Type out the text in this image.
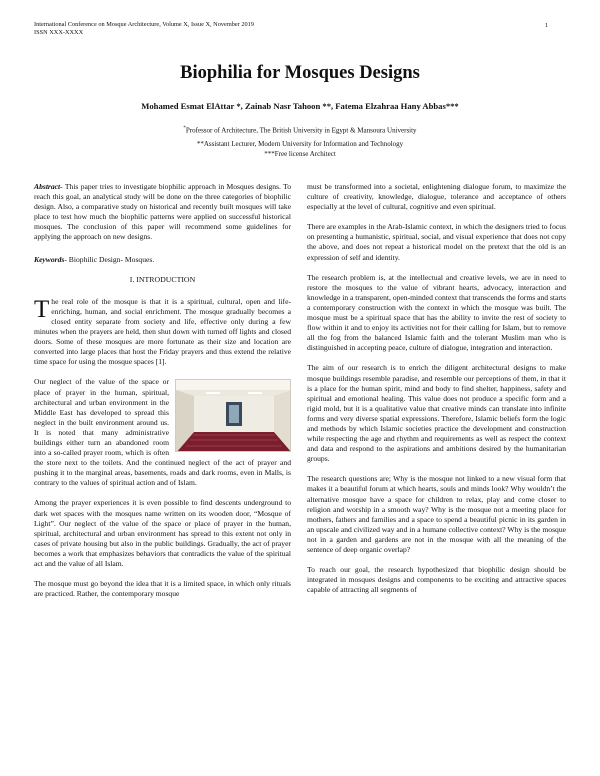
International Conference on Mosque Architecture, Volume X, Issue X, November 2019
ISSN XXX-XXXX
1
Biophilia for Mosques Designs
Mohamed Esmat ElAttar *, Zainab Nasr Tahoon **, Fatema Elzahraa Hany Abbas***
*Professor of Architecture, The British University in Egypt & Mansoura University
**Assistant Lecturer, Modern University for Information and Technology
***Free license Architect

Abstract- This paper tries to investigate biophilic approach in Mosques designs. To reach this goal, an analytical study will be done on the three categories of biophilic design. Also, a comparative study on historical and recently built mosques will take place to test how much the biophilic patterns were applied on successful historical mosques. The conclusion of this paper will recommend some guidelines for applying the approach on new designs.

Keywords- Biophilic Design- Mosques.

I. INTRODUCTION

The real role of the mosque is that it is a spiritual, cultural, open and life-enriching, human, and social enrichment. The mosque gradually becomes a closed entity separate from society and life, effective only during a few minutes when the prayers are held, then shut down with turned off lights and closed doors. Some of these mosques are more fortunate as their size and location are converted into large places that host the Friday prayers and thus extend the relative time space for using the mosque spaces [1].

Our neglect of the value of the space or place of prayer in the human, spiritual, architectural and urban environment in the Middle East has developed to spread this neglect in the built environment around us. It is noted that many administrative buildings either turn an abandoned room into a so-called prayer room, which is often the store next to the toilets. And the continued neglect of the act of prayer and pushing it to the marginal areas, basements, roads and dark rooms, even in Malls, is contrary to the values of spiritual action and of Islam.

Among the prayer experiences it is even possible to find descents underground to dark wet spaces with the mosques name written on its wooden door, “Mosque of Light”. Our neglect of the value of the space or place of prayer in the human, spiritual, architectural and urban environment has spread to this extent not only in cases of private housing but also in the public buildings. Gradually, the act of prayer becomes a work that emphasizes behaviors that contradicts the value of the spiritual act and the value of all Islam.

The mosque must go beyond the idea that it is a limited space, in which only rituals are practiced. Rather, the contemporary mosque

must be transformed into a societal, enlightening dialogue forum, to maximize the culture of creativity, knowledge, dialogue, tolerance and acceptance of others especially at the level of cultural, cognitive and even spiritual.

There are examples in the Arab-Islamic context, in which the designers tried to focus on presenting a humanistic, spiritual, social, and visual experience that does not copy the above, and does not repeat a historical model on the pretext that the old is an expression of self and identity.

The research problem is, at the intellectual and creative levels, we are in need to restore the mosques to the value of vibrant hearts, advocacy, interaction and knowledge in a transparent, open-minded context that transcends the forms and starts a contemporary construction with the context in which the mosque was built. The mosque must be a spiritual space that has the ability to invite the rest of society to flow within it and to enjoy its activities not for their calling for Islam, but to remove all the fog from the balanced Islamic faith and the tolerant Muslim man who is distinguished in accepting peace, culture of dialogue, integration and interaction.

The aim of our research is to enrich the diligent architectural designs to make mosque buildings resemble paradise, and resemble our perceptions of them, in that it is a place for the human spirit, mind and body to find shelter, happiness, safety and spiritual and emotional healing. This value does not produce a specific form and a rigid mold, but it is a qualitative value that creative minds can translate into infinite forms and very diverse spatial expressions. Therefore, Islamic beliefs form the logic and methods by which Islamic societies practice the development and construction while respecting the age and rhythm and requirements as well as respect the context and data and respond to the aspirations and ambitions desired by the humanitarian groups.

The research questions are; Why is the mosque not linked to a new visual form that makes it a beautiful forum at which hearts, souls and minds look? Why wouldn’t the alternative mosque have a space for children to relax, play and come closer to religion and worship in a smooth way? Why is the mosque not a meeting place for mothers, fathers and families and a space to spend a beautiful picnic in its garden in an upscale and civilized way and in a humane collective context? Why is the mosque not in a garden and gardens are not in the mosque with all the meaning of the sentence of deep organic overlap?

To reach our goal, the research hypothesized that biophilic design should be integrated in mosques designs and components to be exciting and attractive spaces capable of attracting all segments of
